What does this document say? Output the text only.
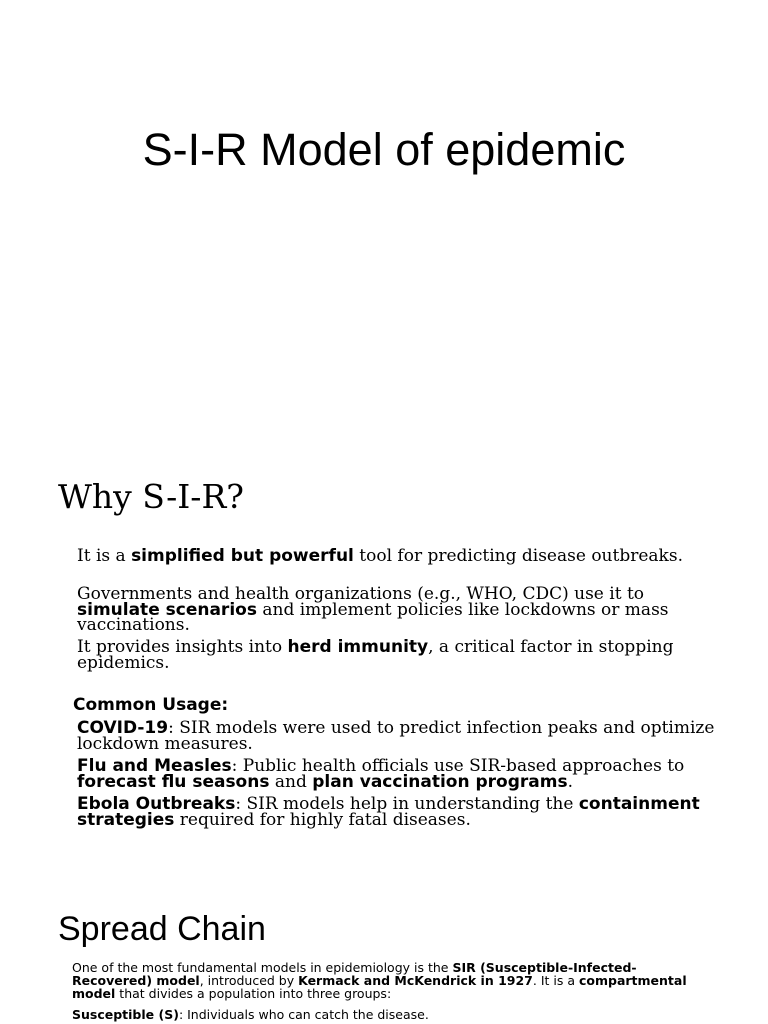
S-I-R Model of epidemic
Why S-I-R?

It is a simplified but powerful tool for predicting disease outbreaks.

Governments and health organizations (e.g., WHO, CDC) use it to simulate scenarios and implement policies like lockdowns or mass vaccinations.

It provides insights into herd immunity, a critical factor in stopping epidemics.

Common Usage:

COVID-19: SIR models were used to predict infection peaks and optimize lockdown measures.

Flu and Measles: Public health officials use SIR-based approaches to forecast flu seasons and plan vaccination programs.

Ebola Outbreaks: SIR models help in understanding the containment strategies required for highly fatal diseases.

Spread Chain

One of the most fundamental models in epidemiology is the SIR (Susceptible-Infected-Recovered) model, introduced by Kermack and McKendrick in 1927. It is a compartmental model that divides a population into three groups:

Susceptible (S): Individuals who can catch the disease.
